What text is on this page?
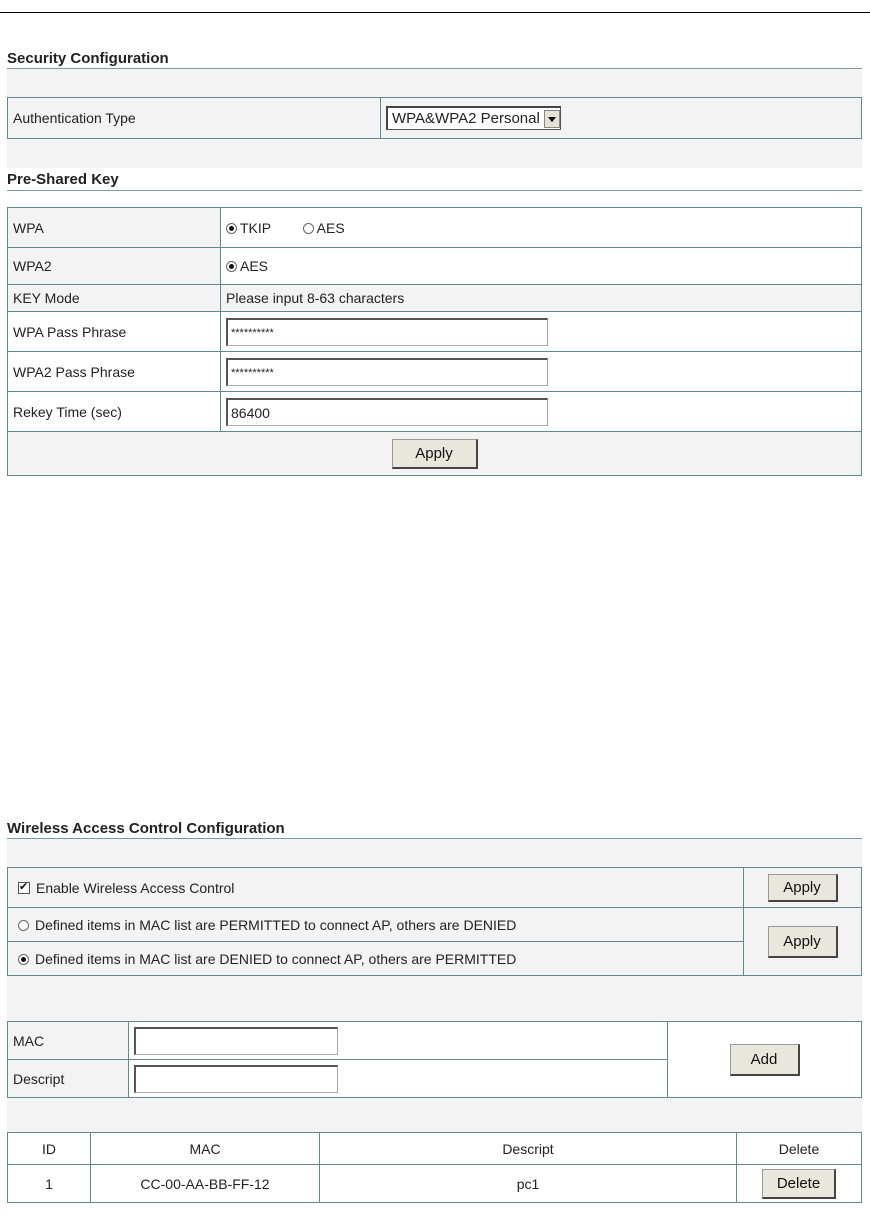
Security Configuration
Authentication Type	WPA&WPA2 Personal
Pre-Shared Key
WPA	TKIP AES
WPA2	AES
KEY Mode	Please input 8-63 characters
WPA Pass Phrase	**********
WPA2 Pass Phrase	**********
Rekey Time (sec)	86400
Apply	
Wireless Access Control Configuration
✔Enable Wireless Access Control	Apply
Defined items in MAC list are PERMITTED to connect AP, others are DENIED	Apply
Defined items in MAC list are DENIED to connect AP, others are PERMITTED	
MAC		Add
Descript		
ID	MAC	Descript	Delete
1	CC-00-AA-BB-FF-12	pc1	Delete
